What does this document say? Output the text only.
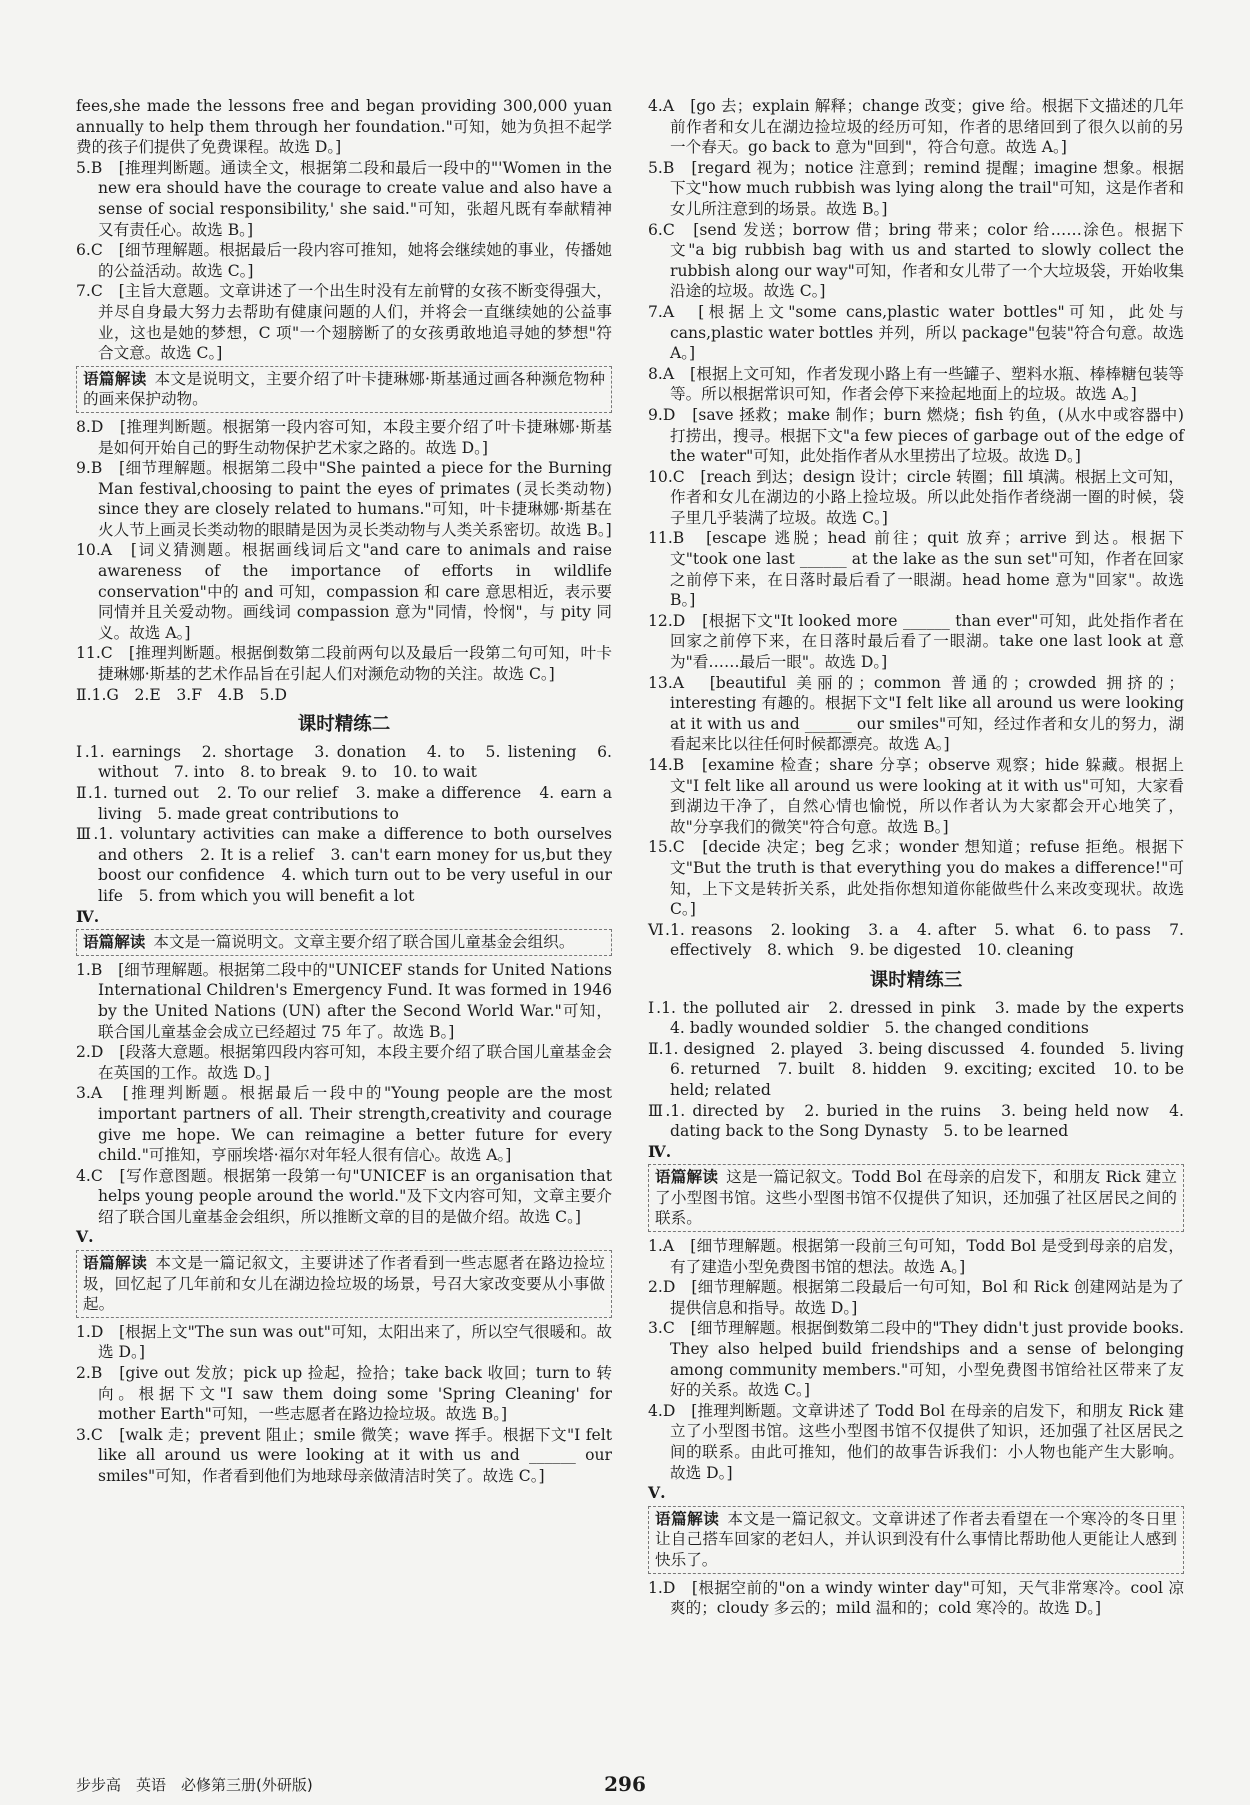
fees,she made the lessons free and began providing 300,000 yuan annually to help them through her foundation."可知，她为负担不起学费的孩子们提供了免费课程。故选 D。]
5.B　[推理判断题。通读全文，根据第二段和最后一段中的"'Women in the new era should have the courage to create value and also have a sense of social responsibility,' she said."可知，张超凡既有奉献精神又有责任心。故选 B。]
6.C　[细节理解题。根据最后一段内容可推知，她将会继续她的事业，传播她的公益活动。故选 C。]
7.C　[主旨大意题。文章讲述了一个出生时没有左前臂的女孩不断变得强大，并尽自身最大努力去帮助有健康问题的人们，并将会一直继续她的公益事业，这也是她的梦想，C 项"一个翅膀断了的女孩勇敢地追寻她的梦想"符合文意。故选 C。]
语篇解读 本文是说明文，主要介绍了叶卡捷琳娜·斯基通过画各种濒危物种的画来保护动物。
8.D　[推理判断题。根据第一段内容可知，本段主要介绍了叶卡捷琳娜·斯基是如何开始自己的野生动物保护艺术家之路的。故选 D。]
9.B　[细节理解题。根据第二段中"She painted a piece for the Burning Man festival,choosing to paint the eyes of primates (灵长类动物) since they are closely related to humans."可知，叶卡捷琳娜·斯基在火人节上画灵长类动物的眼睛是因为灵长类动物与人类关系密切。故选 B。]
10.A　[词义猜测题。根据画线词后文"and care to animals and raise awareness of the importance of efforts in wildlife conservation"中的 and 可知，compassion 和 care 意思相近，表示要同情并且关爱动物。画线词 compassion 意为"同情，怜悯"，与 pity 同义。故选 A。]
11.C　[推理判断题。根据倒数第二段前两句以及最后一段第二句可知，叶卡捷琳娜·斯基的艺术作品旨在引起人们对濒危动物的关注。故选 C。]
Ⅱ.1.G　2.E　3.F　4.B　5.D
课时精练二
Ⅰ.1. earnings　2. shortage　3. donation　4. to　5. listening　6. without　7. into　8. to break　9. to　10. to wait
Ⅱ.1. turned out　2. To our relief　3. make a difference　4. earn a living　5. made great contributions to
Ⅲ.1. voluntary activities can make a difference to both ourselves and others　2. It is a relief　3. can't earn money for us,but they boost our confidence　4. which turn out to be very useful in our life　5. from which you will benefit a lot
Ⅳ.
语篇解读 本文是一篇说明文。文章主要介绍了联合国儿童基金会组织。
1.B　[细节理解题。根据第二段中的"UNICEF stands for United Nations International Children's Emergency Fund. It was formed in 1946 by the United Nations (UN) after the Second World War."可知，联合国儿童基金会成立已经超过 75 年了。故选 B。]
2.D　[段落大意题。根据第四段内容可知，本段主要介绍了联合国儿童基金会在英国的工作。故选 D。]
3.A　[推理判断题。根据最后一段中的"Young people are the most important partners of all. Their strength,creativity and courage give me hope. We can reimagine a better future for every child."可推知，亨丽埃塔·福尔对年轻人很有信心。故选 A。]
4.C　[写作意图题。根据第一段第一句"UNICEF is an organisation that helps young people around the world."及下文内容可知，文章主要介绍了联合国儿童基金会组织，所以推断文章的目的是做介绍。故选 C。]
Ⅴ.
语篇解读 本文是一篇记叙文，主要讲述了作者看到一些志愿者在路边捡垃圾，回忆起了几年前和女儿在湖边捡垃圾的场景，号召大家改变要从小事做起。
1.D　[根据上文"The sun was out"可知，太阳出来了，所以空气很暖和。故选 D。]
2.B　[give out 发放；pick up 捡起，捡拾；take back 收回；turn to 转向。根据下文"I saw them doing some 'Spring Cleaning' for mother Earth"可知，一些志愿者在路边捡垃圾。故选 B。]
3.C　[walk 走；prevent 阻止；smile 微笑；wave 挥手。根据下文"I felt like all around us were looking at it with us and ______ our smiles"可知，作者看到他们为地球母亲做清洁时笑了。故选 C。]
4.A　[go 去；explain 解释；change 改变；give 给。根据下文描述的几年前作者和女儿在湖边捡垃圾的经历可知，作者的思绪回到了很久以前的另一个春天。go back to 意为"回到"，符合句意。故选 A。]
5.B　[regard 视为；notice 注意到；remind 提醒；imagine 想象。根据下文"how much rubbish was lying along the trail"可知，这是作者和女儿所注意到的场景。故选 B。]
6.C　[send 发送；borrow 借；bring 带来；color 给……涂色。根据下文"a big rubbish bag with us and started to slowly collect the rubbish along our way"可知，作者和女儿带了一个大垃圾袋，开始收集沿途的垃圾。故选 C。]
7.A　[根据上文"some cans,plastic water bottles"可知，此处与 cans,plastic water bottles 并列，所以 package"包装"符合句意。故选 A。]
8.A　[根据上文可知，作者发现小路上有一些罐子、塑料水瓶、棒棒糖包装等等。所以根据常识可知，作者会停下来捡起地面上的垃圾。故选 A。]
9.D　[save 拯救；make 制作；burn 燃烧；fish 钓鱼，(从水中或容器中)打捞出，搜寻。根据下文"a few pieces of garbage out of the edge of the water"可知，此处指作者从水里捞出了垃圾。故选 D。]
10.C　[reach 到达；design 设计；circle 转圈；fill 填满。根据上文可知，作者和女儿在湖边的小路上捡垃圾。所以此处指作者绕湖一圈的时候，袋子里几乎装满了垃圾。故选 C。]
11.B　[escape 逃脱；head 前往；quit 放弃；arrive 到达。根据下文"took one last ______ at the lake as the sun set"可知，作者在回家之前停下来，在日落时最后看了一眼湖。head home 意为"回家"。故选 B。]
12.D　[根据下文"It looked more ______ than ever"可知，此处指作者在回家之前停下来，在日落时最后看了一眼湖。take one last look at 意为"看……最后一眼"。故选 D。]
13.A　[beautiful 美丽的；common 普通的；crowded 拥挤的；interesting 有趣的。根据下文"I felt like all around us were looking at it with us and ______ our smiles"可知，经过作者和女儿的努力，湖看起来比以往任何时候都漂亮。故选 A。]
14.B　[examine 检查；share 分享；observe 观察；hide 躲藏。根据上文"I felt like all around us were looking at it with us"可知，大家看到湖边干净了，自然心情也愉悦，所以作者认为大家都会开心地笑了，故"分享我们的微笑"符合句意。故选 B。]
15.C　[decide 决定；beg 乞求；wonder 想知道；refuse 拒绝。根据下文"But the truth is that everything you do makes a difference!"可知，上下文是转折关系，此处指你想知道你能做些什么来改变现状。故选 C。]
Ⅵ.1. reasons　2. looking　3. a　4. after　5. what　6. to pass　7. effectively　8. which　9. be digested　10. cleaning
课时精练三
Ⅰ.1. the polluted air　2. dressed in pink　3. made by the experts　4. badly wounded soldier　5. the changed conditions
Ⅱ.1. designed　2. played　3. being discussed　4. founded　5. living　6. returned　7. built　8. hidden　9. exciting; excited　10. to be held; related
Ⅲ.1. directed by　2. buried in the ruins　3. being held now　4. dating back to the Song Dynasty　5. to be learned
Ⅳ.
语篇解读 这是一篇记叙文。Todd Bol 在母亲的启发下，和朋友 Rick 建立了小型图书馆。这些小型图书馆不仅提供了知识，还加强了社区居民之间的联系。
1.A　[细节理解题。根据第一段前三句可知，Todd Bol 是受到母亲的启发，有了建造小型免费图书馆的想法。故选 A。]
2.D　[细节理解题。根据第二段最后一句可知，Bol 和 Rick 创建网站是为了提供信息和指导。故选 D。]
3.C　[细节理解题。根据倒数第二段中的"They didn't just provide books. They also helped build friendships and a sense of belonging among community members."可知，小型免费图书馆给社区带来了友好的关系。故选 C。]
4.D　[推理判断题。文章讲述了 Todd Bol 在母亲的启发下，和朋友 Rick 建立了小型图书馆。这些小型图书馆不仅提供了知识，还加强了社区居民之间的联系。由此可推知，他们的故事告诉我们：小人物也能产生大影响。故选 D。]
Ⅴ.
语篇解读 本文是一篇记叙文。文章讲述了作者去看望在一个寒冷的冬日里让自己搭车回家的老妇人，并认识到没有什么事情比帮助他人更能让人感到快乐了。
1.D　[根据空前的"on a windy winter day"可知，天气非常寒冷。cool 凉爽的；cloudy 多云的；mild 温和的；cold 寒冷的。故选 D。]
步步高　英语　必修第三册(外研版)	296
